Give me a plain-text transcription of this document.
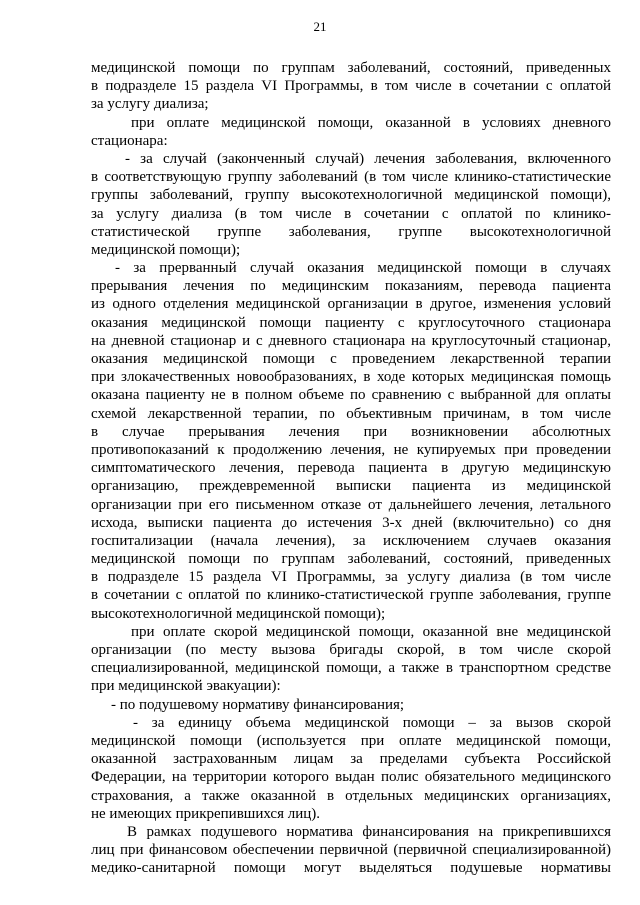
21
медицинской помощи по группам заболеваний, состояний, приведенных
в подразделе 15 раздела VI Программы, в том числе в сочетании с оплатой
за услугу диализа;
при оплате медицинской помощи, оказанной в условиях дневного
стационара:
- за случай (законченный случай) лечения заболевания, включенного
в соответствующую группу заболеваний (в том числе клинико-статистические
группы заболеваний, группу высокотехнологичной медицинской помощи),
за услугу диализа (в том числе в сочетании с оплатой по клинико-
статистической группе заболевания, группе высокотехнологичной
медицинской помощи);
- за прерванный случай оказания медицинской помощи в случаях
прерывания лечения по медицинским показаниям, перевода пациента
из одного отделения медицинской организации в другое, изменения условий
оказания медицинской помощи пациенту с круглосуточного стационара
на дневной стационар и с дневного стационара на круглосуточный стационар,
оказания медицинской помощи с проведением лекарственной терапии
при злокачественных новообразованиях, в ходе которых медицинская помощь
оказана пациенту не в полном объеме по сравнению с выбранной для оплаты
схемой лекарственной терапии, по объективным причинам, в том числе
в случае прерывания лечения при возникновении абсолютных
противопоказаний к продолжению лечения, не купируемых при проведении
симптоматического лечения, перевода пациента в другую медицинскую
организацию, преждевременной выписки пациента из медицинской
организации при его письменном отказе от дальнейшего лечения, летального
исхода, выписки пациента до истечения 3-х дней (включительно) со дня
госпитализации (начала лечения), за исключением случаев оказания
медицинской помощи по группам заболеваний, состояний, приведенных
в подразделе 15 раздела VI Программы, за услугу диализа (в том числе
в сочетании с оплатой по клинико-статистической группе заболевания, группе
высокотехнологичной медицинской помощи);
при оплате скорой медицинской помощи, оказанной вне медицинской
организации (по месту вызова бригады скорой, в том числе скорой
специализированной, медицинской помощи, а также в транспортном средстве
при медицинской эвакуации):
- по подушевому нормативу финансирования;
- за единицу объема медицинской помощи – за вызов скорой
медицинской помощи (используется при оплате медицинской помощи,
оказанной застрахованным лицам за пределами субъекта Российской
Федерации, на территории которого выдан полис обязательного медицинского
страхования, а также оказанной в отдельных медицинских организациях,
не имеющих прикрепившихся лиц).
В рамках подушевого норматива финансирования на прикрепившихся
лиц при финансовом обеспечении первичной (первичной специализированной)
медико-санитарной помощи могут выделяться подушевые нормативы
